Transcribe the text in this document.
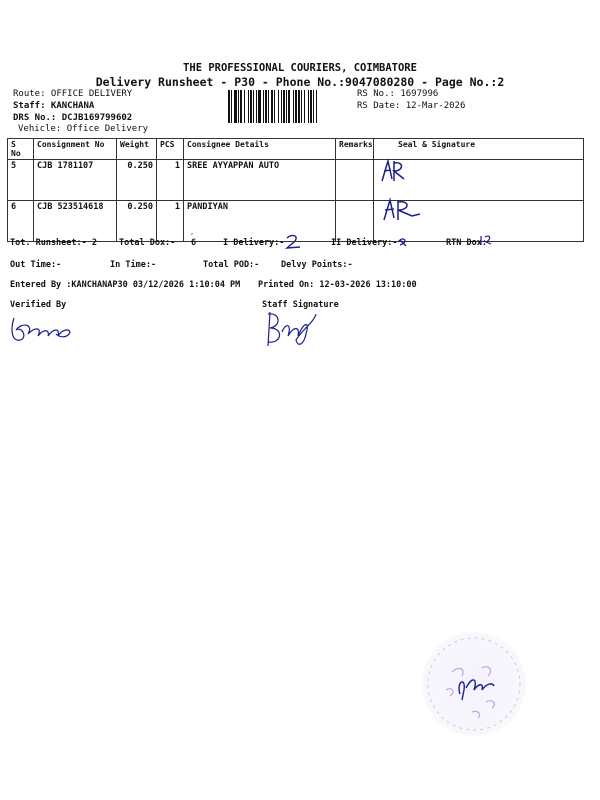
THE PROFESSIONAL COURIERS, COIMBATORE
Delivery Runsheet - P30 - Phone No.:9047080280 - Page No.:2
Route: OFFICE DELIVERY
Staff: KANCHANA
DRS No.: DCJB169799602
Vehicle: Office Delivery
RS No.: 1697996
RS Date: 12-Mar-2026
S No	Consignment No	Weight	PCS	Consignee Details	Remarks	Seal & Signature
5	CJB 1781107	0.250	1	SREE AYYAPPAN AUTO		
6	CJB 523514618	0.250	1	PANDIYAN		
,
Tot. Runsheet:- 2	Total Dox:- 6	I Delivery:-	II Delivery:-	RTN Dox:
Out Time:-	In Time:-	Total POD:-	Delvy Points:-
Entered By :KANCHANAP30 03/12/2026 1:10:04 PM Printed On: 12-03-2026 13:10:00
Verified By	Staff Signature
